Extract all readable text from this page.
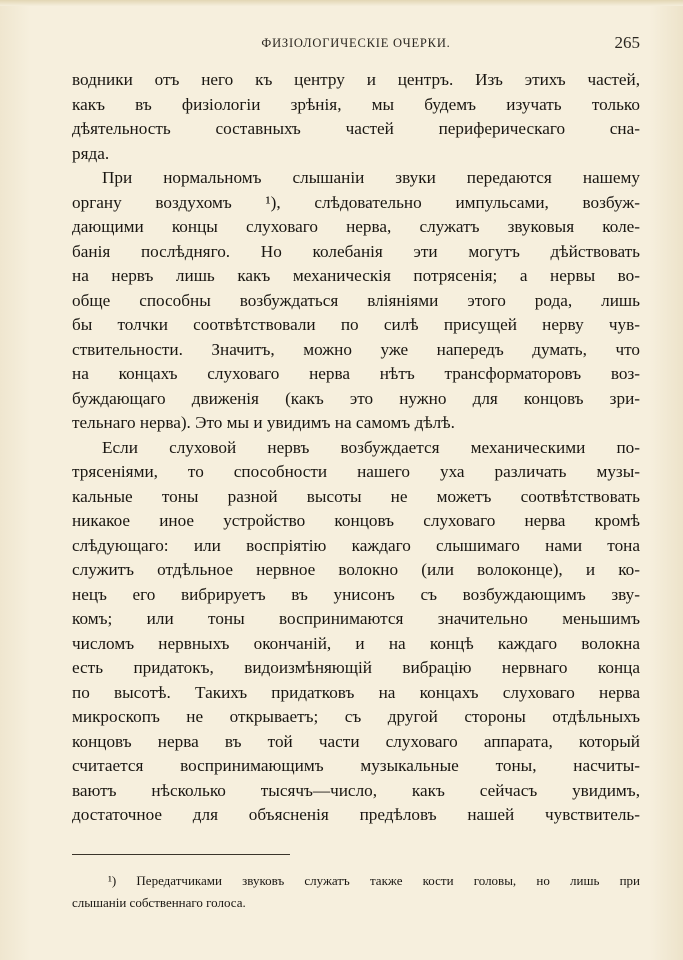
ФИЗІОЛОГИЧЕСКІЕ ОЧЕРКИ.	265
водники отъ него къ центру и центръ. Изъ этихъ частей,
какъ въ физіологіи зрѣнія, мы будемъ изучать только
дѣятельность составныхъ частей периферическаго сна-
ряда.
При нормальномъ слышаніи звуки передаются нашему
органу воздухомъ ¹), слѣдовательно импульсами, возбуж-
дающими концы слуховаго нерва, служатъ звуковыя коле-
банія послѣдняго. Но колебанія эти могутъ дѣйствовать
на нервъ лишь какъ механическія потрясенія; а нервы во-
обще способны возбуждаться вліяніями этого рода, лишь
бы толчки соотвѣтствовали по силѣ присущей нерву чув-
ствительности. Значитъ, можно уже напередъ думать, что
на концахъ слуховаго нерва нѣтъ трансформаторовъ воз-
буждающаго движенія (какъ это нужно для концовъ зри-
тельнаго нерва). Это мы и увидимъ на самомъ дѣлѣ.
Если слуховой нервъ возбуждается механическими по-
трясеніями, то способности нашего уха различать музы-
кальные тоны разной высоты не можетъ соотвѣтствовать
никакое иное устройство концовъ слуховаго нерва кромѣ
слѣдующаго: или воспріятію каждаго слышимаго нами тона
служитъ отдѣльное нервное волокно (или волоконце), и ко-
нецъ его вибрируетъ въ унисонъ съ возбуждающимъ зву-
комъ; или тоны воспринимаются значительно меньшимъ
числомъ нервныхъ окончаній, и на концѣ каждаго волокна
есть придатокъ, видоизмѣняющій вибрацію нервнаго конца
по высотѣ. Такихъ придатковъ на концахъ слуховаго нерва
микроскопъ не открываетъ; съ другой стороны отдѣльныхъ
концовъ нерва въ той части слуховаго аппарата, который
считается воспринимающимъ музыкальные тоны, насчиты-
ваютъ нѣсколько тысячъ—число, какъ сейчасъ увидимъ,
достаточное для объясненія предѣловъ нашей чувствитель-
¹) Передатчиками звуковъ служатъ также кости головы, но лишь при
слышаніи собственнаго голоса.
